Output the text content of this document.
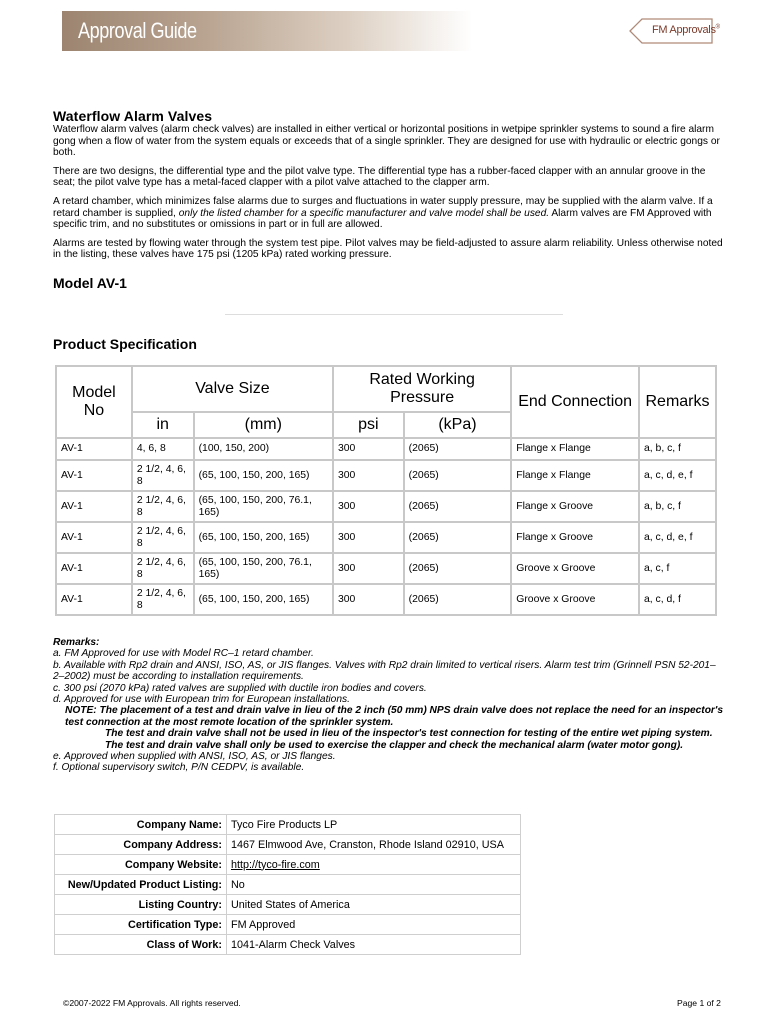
Approval Guide	FM Approvals®
Waterflow Alarm Valves

Waterflow alarm valves (alarm check valves) are installed in either vertical or horizontal positions in wetpipe sprinkler systems to sound a fire alarm gong when a flow of water from the system equals or exceeds that of a single sprinkler. They are designed for use with hydraulic or electric gongs or both.

There are two designs, the differential type and the pilot valve type. The differential type has a rubber-faced clapper with an annular groove in the seat; the pilot valve type has a metal-faced clapper with a pilot valve attached to the clapper arm.

A retard chamber, which minimizes false alarms due to surges and fluctuations in water supply pressure, may be supplied with the alarm valve. If a retard chamber is supplied, only the listed chamber for a specific manufacturer and valve model shall be used. Alarm valves are FM Approved with specific trim, and no substitutes or omissions in part or in full are allowed.

Alarms are tested by flowing water through the system test pipe. Pilot valves may be field-adjusted to assure alarm reliability. Unless otherwise noted in the listing, these valves have 175 psi (1205 kPa) rated working pressure.

Model AV-1
Product Specification
Model No	Valve Size		Rated Working Pressure		End Connection	Remarks
	in	(mm)	psi	(kPa)		
AV-1	4, 6, 8	(100, 150, 200)	300	(2065)	Flange x Flange	a, b, c, f
AV-1	2 1/2, 4, 6, 8	(65, 100, 150, 200, 165)	300	(2065)	Flange x Flange	a, c, d, e, f
AV-1	2 1/2, 4, 6, 8	(65, 100, 150, 200, 76.1, 165)	300	(2065)	Flange x Groove	a, b, c, f
AV-1	2 1/2, 4, 6, 8	(65, 100, 150, 200, 165)	300	(2065)	Flange x Groove	a, c, d, e, f
AV-1	2 1/2, 4, 6, 8	(65, 100, 150, 200, 76.1, 165)	300	(2065)	Groove x Groove	a, c, f
AV-1	2 1/2, 4, 6, 8	(65, 100, 150, 200, 165)	300	(2065)	Groove x Groove	a, c, d, f
Remarks:
a. FM Approved for use with Model RC–1 retard chamber.
b. Available with Rp2 drain and ANSI, ISO, AS, or JIS flanges. Valves with Rp2 drain limited to vertical risers. Alarm test trim (Grinnell PSN 52-201–2–2002) must be according to installation requirements.
c. 300 psi (2070 kPa) rated valves are supplied with ductile iron bodies and covers.
d. Approved for use with European trim for European installations.
NOTE: The placement of a test and drain valve in lieu of the 2 inch (50 mm) NPS drain valve does not replace the need for an inspector's test connection at the most remote location of the sprinkler system.
The test and drain valve shall not be used in lieu of the inspector's test connection for testing of the entire wet piping system.
The test and drain valve shall only be used to exercise the clapper and check the mechanical alarm (water motor gong).
e. Approved when supplied with ANSI, ISO, AS, or JIS flanges.
f. Optional supervisory switch, P/N CEDPV, is available.
Company Name:	Tyco Fire Products LP
Company Address:	1467 Elmwood Ave, Cranston, Rhode Island 02910, USA
Company Website:	http://tyco-fire.com
New/Updated Product Listing:	No
Listing Country:	United States of America
Certification Type:	FM Approved
Class of Work:	1041-Alarm Check Valves
©2007-2022 FM Approvals. All rights reserved.	Page 1 of 2
